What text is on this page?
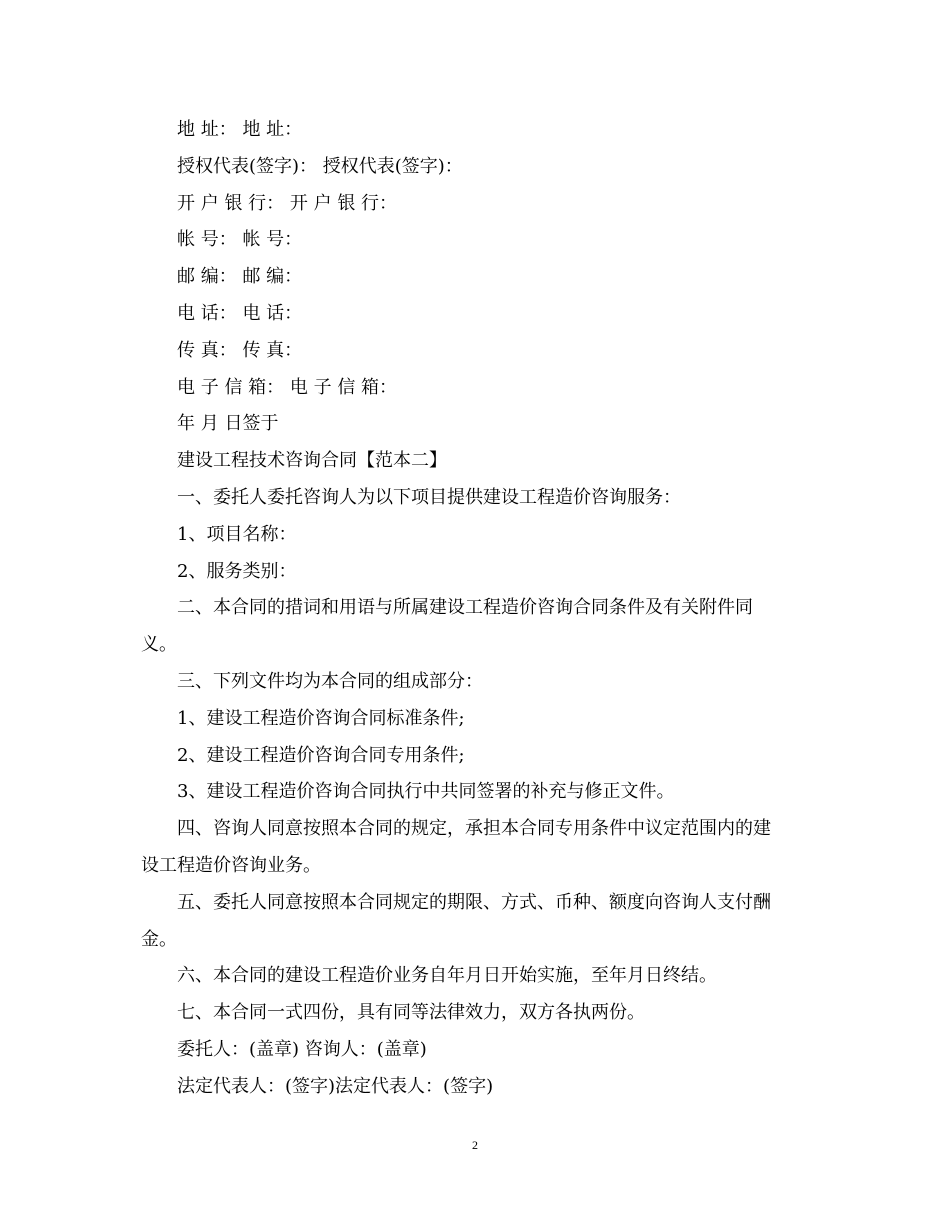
地 址： 地 址：
授权代表(签字)： 授权代表(签字)：
开 户 银 行： 开 户 银 行：
帐 号： 帐 号：
邮 编： 邮 编：
电 话： 电 话：
传 真： 传 真：
电 子 信 箱： 电 子 信 箱：
年 月 日签于
建设工程技术咨询合同【范本二】
一、委托人委托咨询人为以下项目提供建设工程造价咨询服务：
1、项目名称：
2、服务类别：
二、本合同的措词和用语与所属建设工程造价咨询合同条件及有关附件同
义。
三、下列文件均为本合同的组成部分：
1、建设工程造价咨询合同标准条件;
2、建设工程造价咨询合同专用条件;
3、建设工程造价咨询合同执行中共同签署的补充与修正文件。
四、咨询人同意按照本合同的规定，承担本合同专用条件中议定范围内的建
设工程造价咨询业务。
五、委托人同意按照本合同规定的期限、方式、币种、额度向咨询人支付酬
金。
六、本合同的建设工程造价业务自年月日开始实施，至年月日终结。
七、本合同一式四份，具有同等法律效力，双方各执两份。
委托人：(盖章) 咨询人：(盖章)
法定代表人：(签字)法定代表人：(签字)
2
